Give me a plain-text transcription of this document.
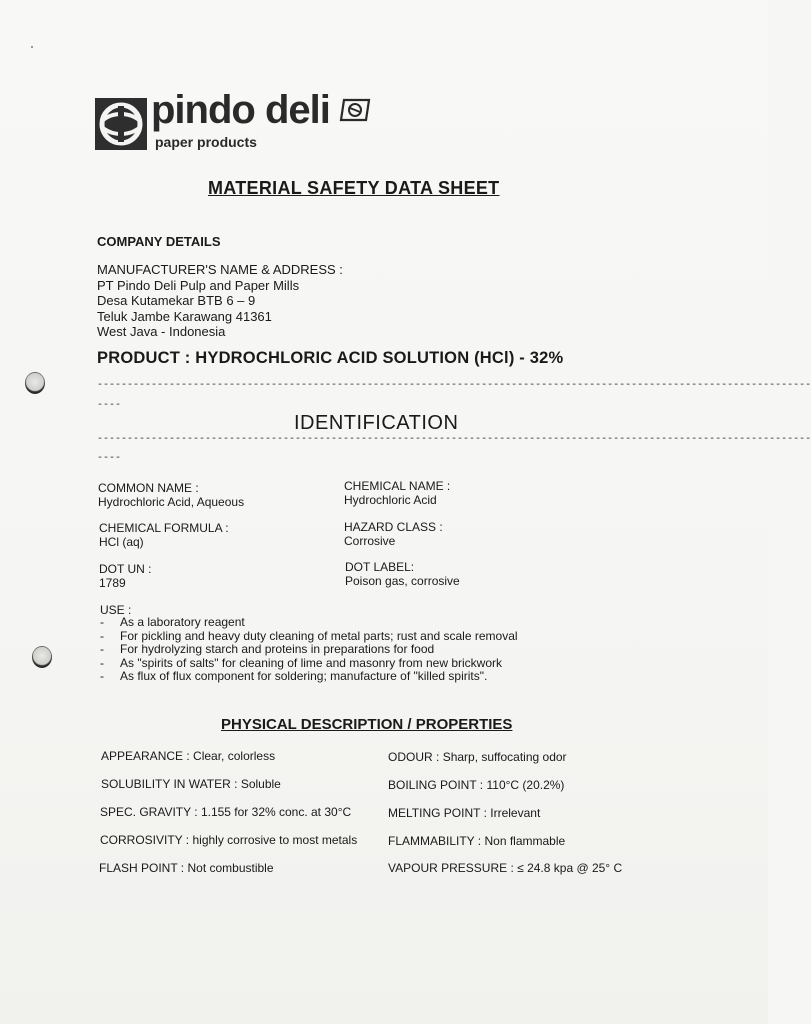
pindo deli
paper products
MATERIAL SAFETY DATA SHEET
COMPANY DETAILS
MANUFACTURER'S NAME & ADDRESS :
PT Pindo Deli Pulp and Paper Mills
Desa Kutamekar BTB 6 – 9
Teluk Jambe Karawang 41361
West Java - Indonesia
PRODUCT : HYDROCHLORIC ACID SOLUTION (HCl) - 32%
-----------------------------------------------------------------------------------------------------------------------
----
IDENTIFICATION
-----------------------------------------------------------------------------------------------------------------------
----
COMMON NAME :
Hydrochloric Acid, Aqueous
CHEMICAL NAME :
Hydrochloric Acid
CHEMICAL FORMULA :
HCl (aq)
HAZARD CLASS :
Corrosive
DOT UN :
1789
DOT LABEL:
Poison gas, corrosive
USE :
- As a laboratory reagent
- For pickling and heavy duty cleaning of metal parts; rust and scale removal
- For hydrolyzing starch and proteins in preparations for food
- As "spirits of salts" for cleaning of lime and masonry from new brickwork
- As flux of flux component for soldering; manufacture of "killed spirits".
PHYSICAL DESCRIPTION / PROPERTIES
APPEARANCE : Clear, colorless
SOLUBILITY IN WATER : Soluble
SPEC. GRAVITY : 1.155 for 32% conc. at 30°C
CORROSIVITY : highly corrosive to most metals
FLASH POINT : Not combustible
ODOUR : Sharp, suffocating odor
BOILING POINT : 110°C (20.2%)
MELTING POINT : Irrelevant
FLAMMABILITY : Non flammable
VAPOUR PRESSURE : ≤ 24.8 kpa @ 25° C
